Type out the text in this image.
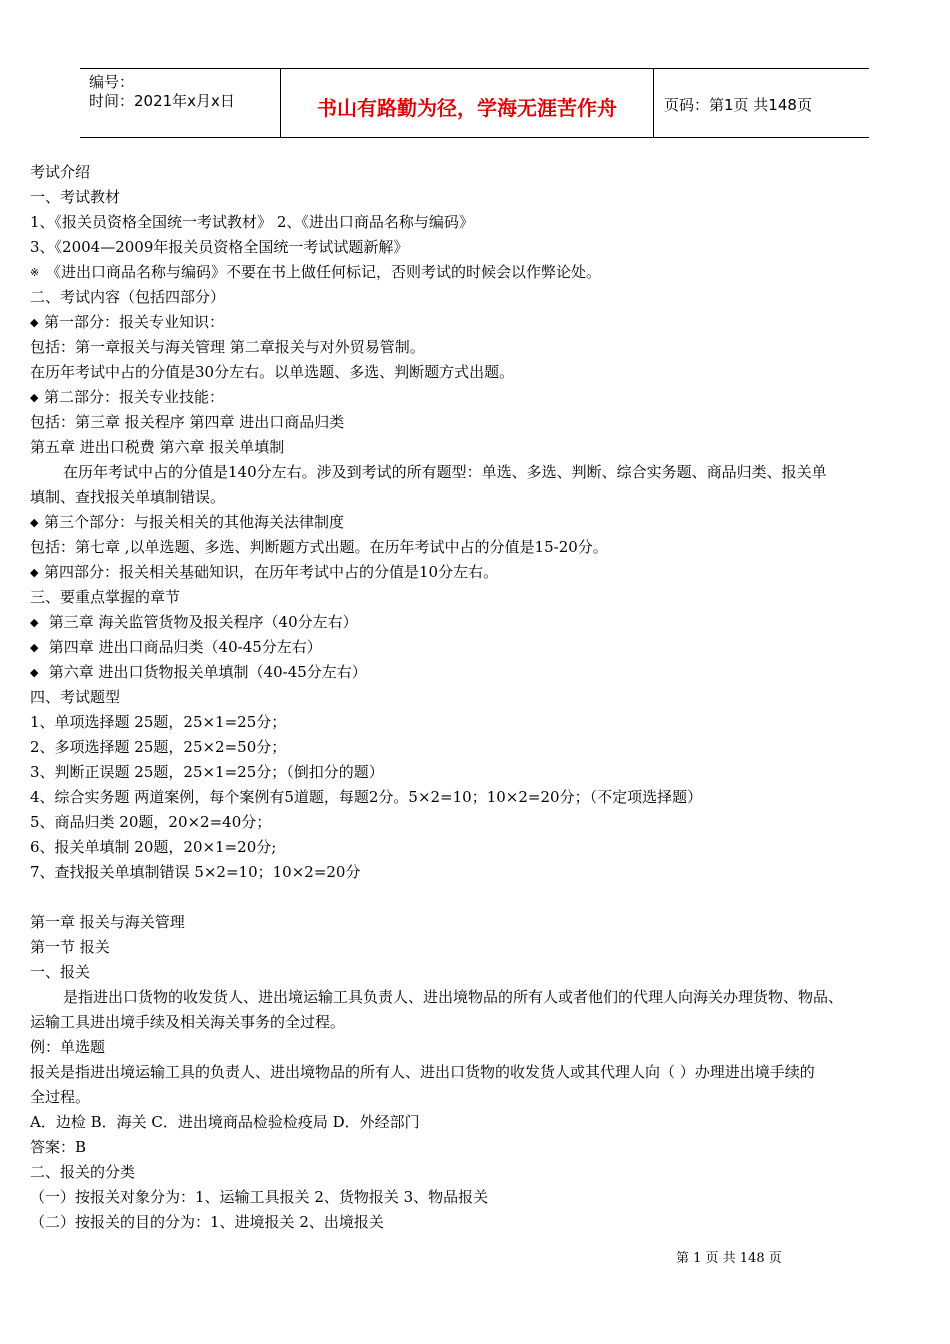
编号：
时间：2021年x月x日	书山有路勤为径，学海无涯苦作舟	页码：第1页 共148页
考试介绍
一、考试教材
1、《报关员资格全国统一考试教材》 2、《进出口商品名称与编码》
3、《2004—2009年报关员资格全国统一考试试题新解》
※ 《进出口商品名称与编码》不要在书上做任何标记，否则考试的时候会以作弊论处。
二、考试内容（包括四部分）
◆ 第一部分：报关专业知识：
包括：第一章报关与海关管理 第二章报关与对外贸易管制。
在历年考试中占的分值是30分左右。以单选题、多选、判断题方式出题。
◆ 第二部分：报关专业技能：
包括：第三章 报关程序 第四章 进出口商品归类
第五章 进出口税费 第六章 报关单填制
在历年考试中占的分值是140分左右。涉及到考试的所有题型：单选、多选、判断、综合实务题、商品归类、报关单
填制、查找报关单填制错误。
◆ 第三个部分：与报关相关的其他海关法律制度
包括：第七章 ,以单选题、多选、判断题方式出题。在历年考试中占的分值是15-20分。
◆ 第四部分：报关相关基础知识，在历年考试中占的分值是10分左右。
三、要重点掌握的章节
◆ 第三章 海关监管货物及报关程序（40分左右）
◆ 第四章 进出口商品归类（40-45分左右）
◆ 第六章 进出口货物报关单填制（40-45分左右）
四、考试题型
1、单项选择题 25题，25×1=25分；
2、多项选择题 25题，25×2=50分；
3、判断正误题 25题，25×1=25分；（倒扣分的题）
4、综合实务题 两道案例，每个案例有5道题，每题2分。5×2=10；10×2=20分；（不定项选择题）
5、商品归类 20题，20×2=40分；
6、报关单填制 20题，20×1=20分;
7、查找报关单填制错误 5×2=10；10×2=20分
第一章 报关与海关管理
第一节 报关
一、报关
是指进出口货物的收发货人、进出境运输工具负责人、进出境物品的所有人或者他们的代理人向海关办理货物、物品、
运输工具进出境手续及相关海关事务的全过程。
例：单选题
报关是指进出境运输工具的负责人、进出境物品的所有人、进出口货物的收发货人或其代理人向（ ）办理进出境手续的
全过程。
A．边检 B．海关 C．进出境商品检验检疫局 D．外经部门
答案：B
二、报关的分类
（一）按报关对象分为：1、运输工具报关 2、货物报关 3、物品报关
（二）按报关的目的分为：1、进境报关 2、出境报关
第 1 页 共 148 页
